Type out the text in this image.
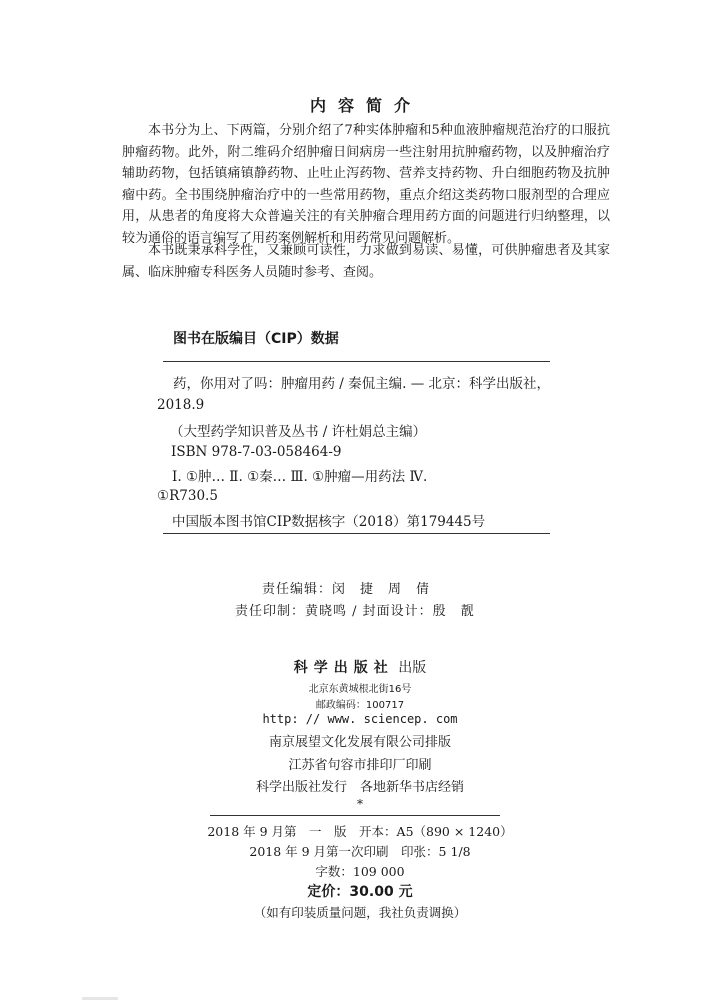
内容简介

本书分为上、下两篇，分别介绍了7种实体肿瘤和5种血液肿瘤规范治疗的口服抗肿瘤药物。此外，附二维码介绍肿瘤日间病房一些注射用抗肿瘤药物，以及肿瘤治疗辅助药物，包括镇痛镇静药物、止吐止泻药物、营养支持药物、升白细胞药物及抗肿瘤中药。全书围绕肿瘤治疗中的一些常用药物，重点介绍这类药物口服剂型的合理应用，从患者的角度将大众普遍关注的有关肿瘤合理用药方面的问题进行归纳整理，以较为通俗的语言编写了用药案例解析和用药常见问题解析。

本书既秉承科学性，又兼顾可读性，力求做到易读、易懂，可供肿瘤患者及其家属、临床肿瘤专科医务人员随时参考、查阅。

图书在版编目（CIP）数据
药，你用对了吗：肿瘤用药 / 秦侃主编. — 北京：科学出版社，
2018.9
（大型药学知识普及丛书 / 许杜娟总主编）
ISBN 978-7-03-058464-9
Ⅰ. ①肿… Ⅱ. ①秦… Ⅲ. ①肿瘤—用药法 Ⅳ.
①R730.5
中国版本图书馆CIP数据核字（2018）第179445号
责任编辑：闵　捷　周　倩
责任印制：黄晓鸣 / 封面设计：殷　靓
科学出版社 出版
北京东黄城根北街16号
邮政编码：100717
http: // www. sciencep. com
南京展望文化发展有限公司排版
江苏省句容市排印厂印刷
科学出版社发行　各地新华书店经销
*
2018 年 9 月第　一　版　开本：A5（890 × 1240）
2018 年 9 月第一次印刷　印张：5 1/8
字数：109 000
定价：30.00 元
（如有印装质量问题，我社负责调换）
